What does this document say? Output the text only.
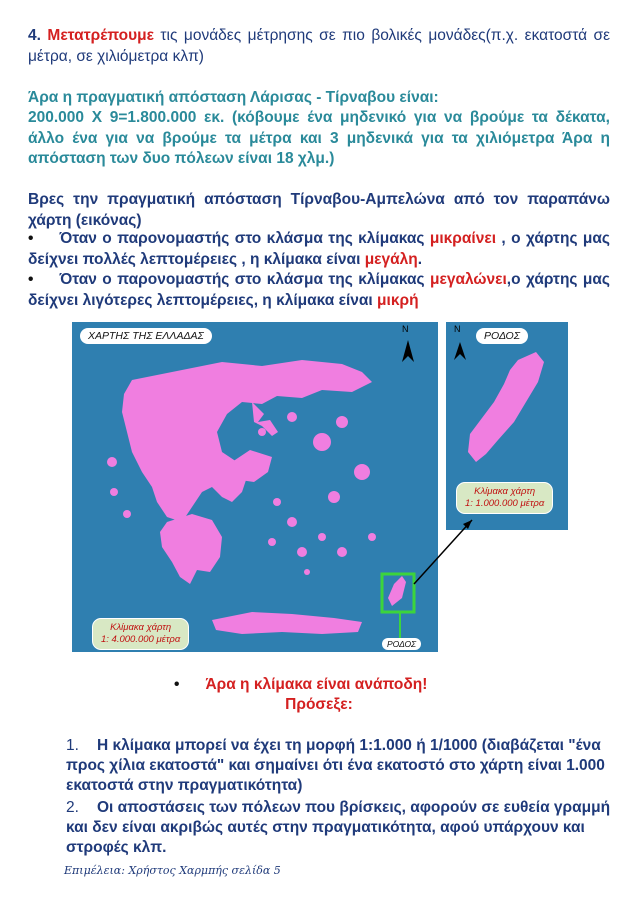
4. Μετατρέπουμε τις μονάδες μέτρησης σε πιο βολικές μονάδες(π.χ. εκατοστά σε μέτρα, σε χιλιόμετρα κλπ)
Άρα η πραγματική απόσταση Λάρισας - Τίρναβου είναι:
200.000 Χ 9=1.800.000 εκ. (κόβουμε ένα μηδενικό για να βρούμε τα δέκατα, άλλο ένα για να βρούμε τα μέτρα και 3 μηδενικά για τα χιλιόμετρα Άρα η απόσταση των δυο πόλεων είναι 18 χλμ.)
Βρες την πραγματική απόσταση Τίρναβου-Αμπελώνα από τον παραπάνω χάρτη (εικόνας)
• Όταν ο παρονομαστής στο κλάσμα της κλίμακας μικραίνει , ο χάρτης μας δείχνει πολλές λεπτομέρειες , η κλίμακα είναι μεγάλη.
• Όταν ο παρονομαστής στο κλάσμα της κλίμακας μεγαλώνει,ο χάρτης μας δείχνει λιγότερες λεπτομέρειες, η κλίμακα είναι μικρή
ΧΑΡΤΗΣ ΤΗΣ ΕΛΛΑΔΑΣ
N
Κλίμακα χάρτη
1: 4.000.000 μέτρα	ΡΟΔΟΣ
ΡΟΔΟΣ
N
Κλίμακα χάρτη
1: 1.000.000 μέτρα
• Άρα η κλίμακα είναι ανάποδη!
Πρόσεξε:
1. Η κλίμακα μπορεί να έχει τη μορφή 1:1.000 ή 1/1000 (διαβάζεται "ένα προς χίλια εκατοστά" και σημαίνει ότι ένα εκατοστό στο χάρτη είναι 1.000 εκατοστά στην πραγματικότητα)
2. Οι αποστάσεις των πόλεων που βρίσκεις, αφορούν σε ευθεία γραμμή και δεν είναι ακριβώς αυτές στην πραγματικότητα, αφού υπάρχουν και στροφές κλπ.
Επιμέλεια: Χρήστος Χαρμπής σελίδα 5
